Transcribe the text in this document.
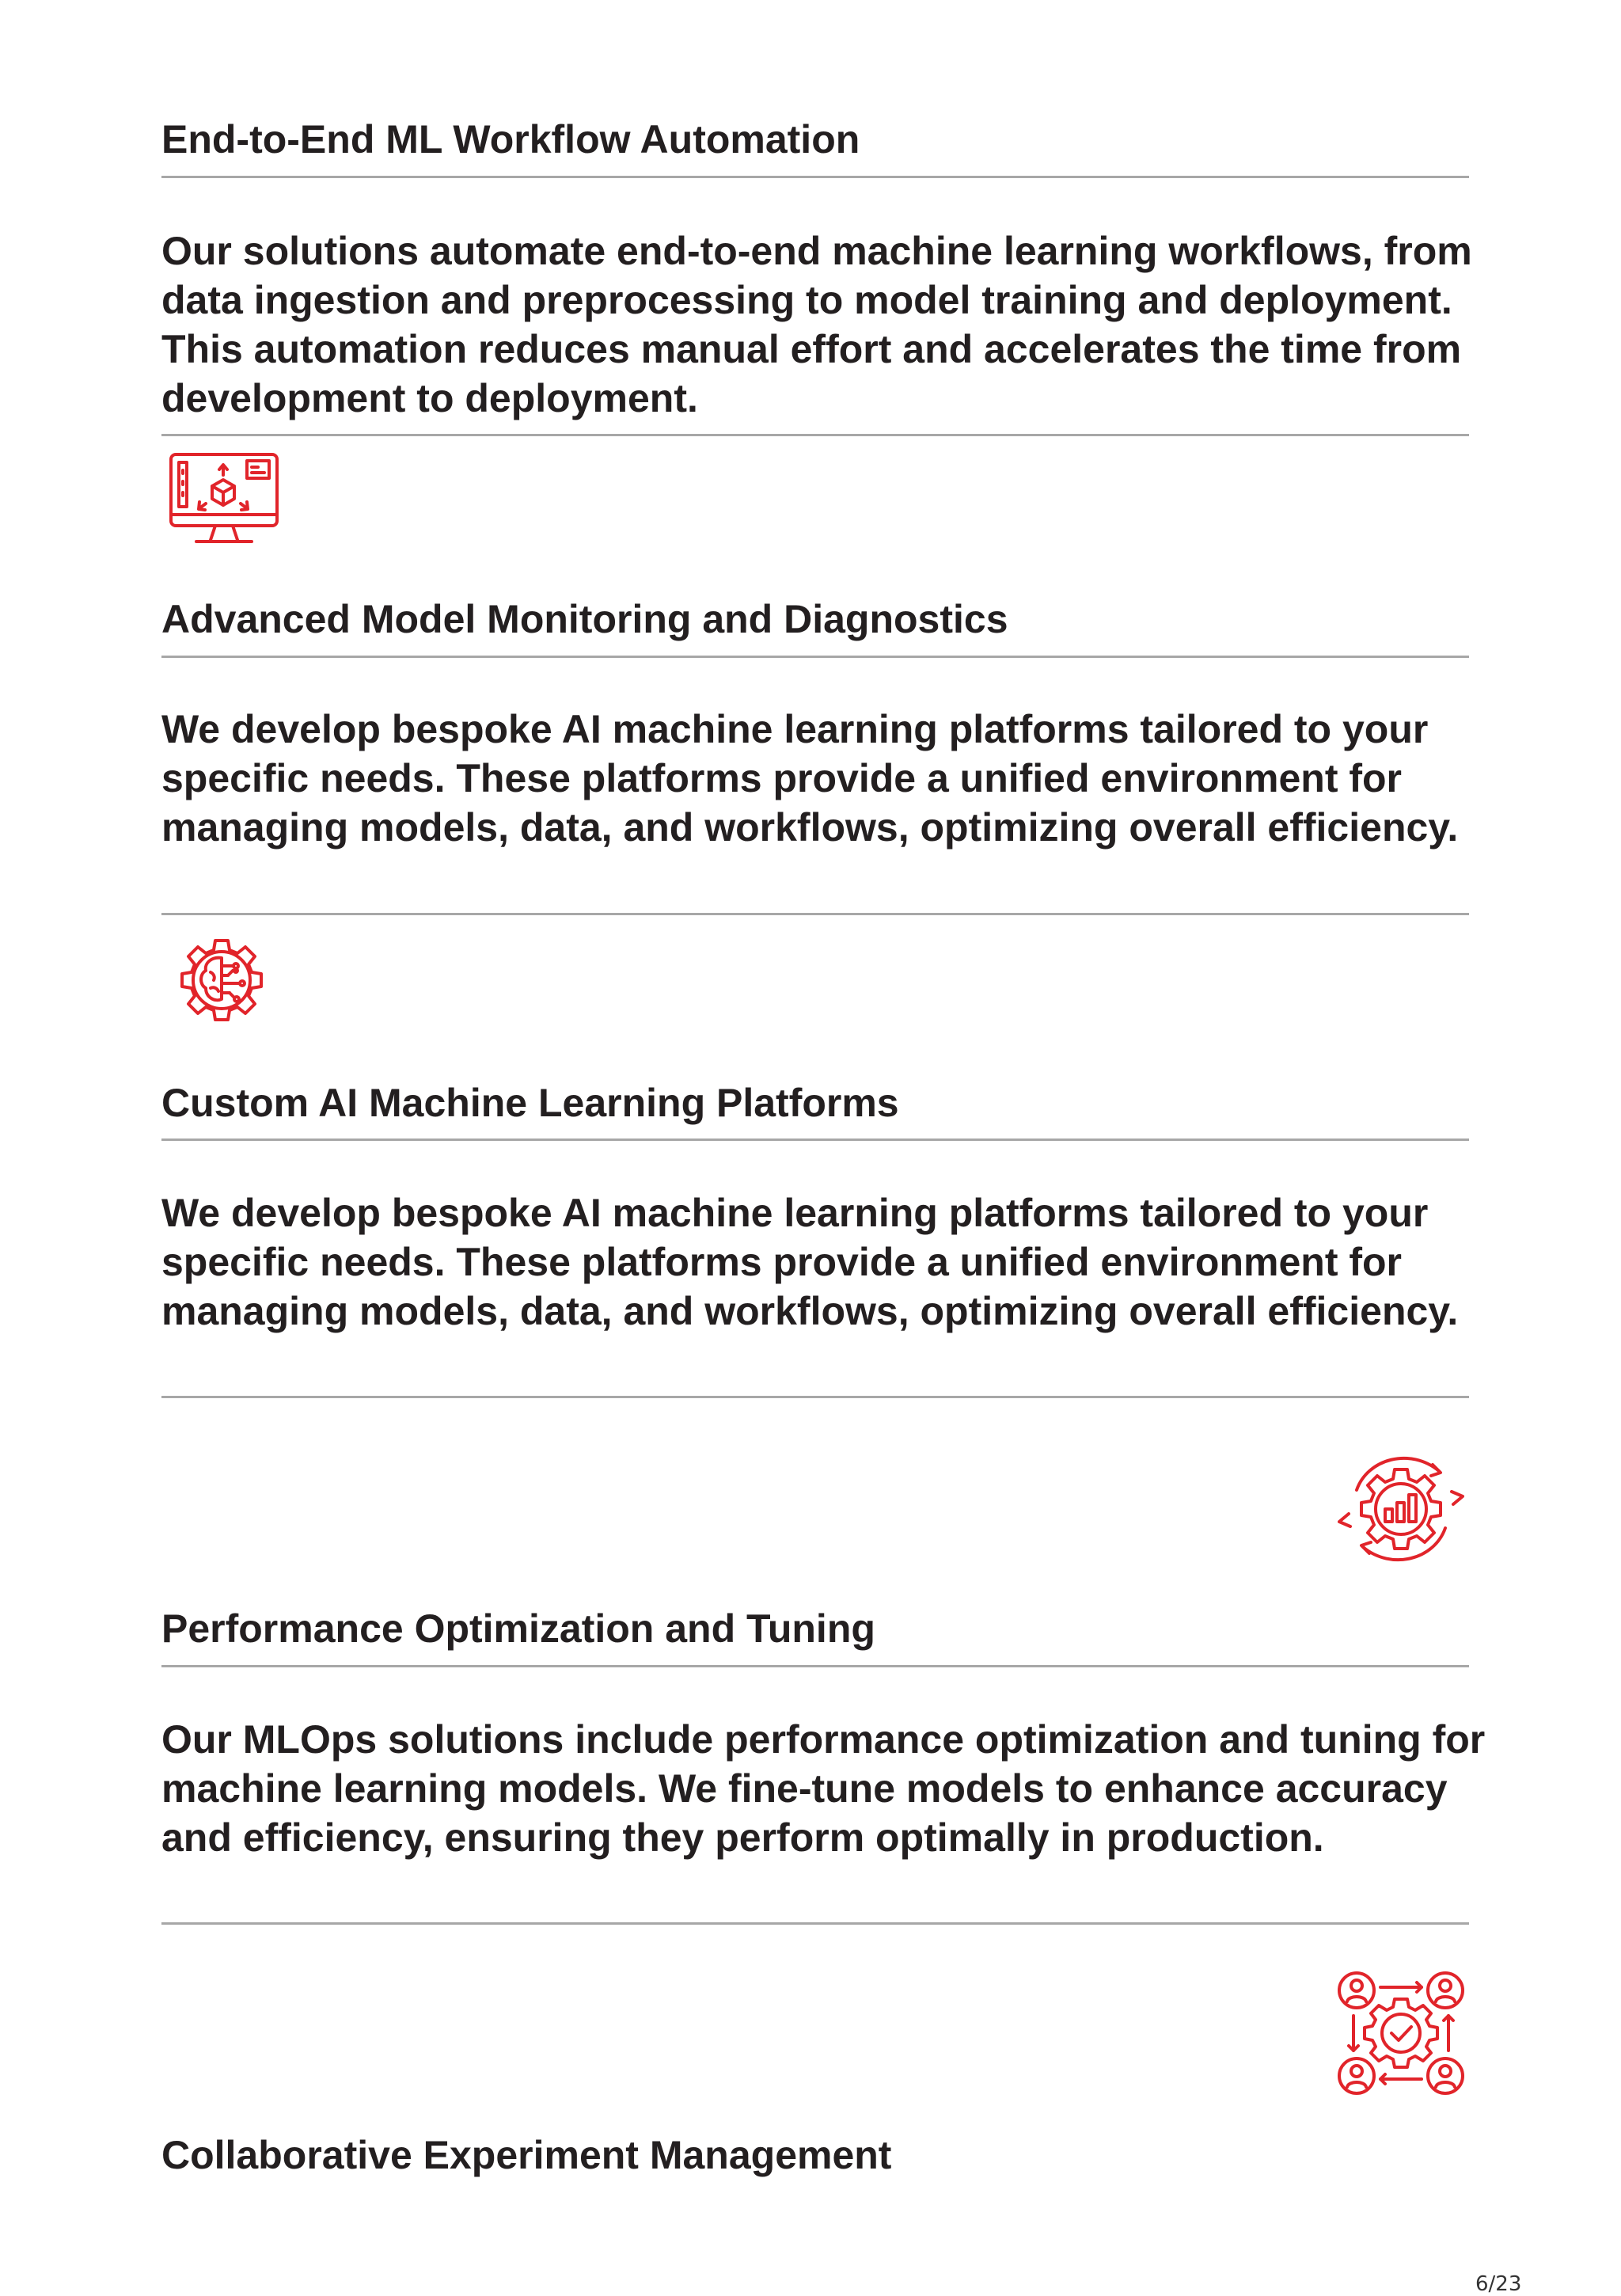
End-to-End ML Workflow Automation

Our solutions automate end-to-end machine learning workflows, from data ingestion and preprocessing to model training and deployment. This automation reduces manual effort and accelerates the time from development to deployment.

Advanced Model Monitoring and Diagnostics

We develop bespoke AI machine learning platforms tailored to your specific needs. These platforms provide a unified environment for managing models, data, and workflows, optimizing overall efficiency.

Custom AI Machine Learning Platforms

We develop bespoke AI machine learning platforms tailored to your specific needs. These platforms provide a unified environment for managing models, data, and workflows, optimizing overall efficiency.

Performance Optimization and Tuning

Our MLOps solutions include performance optimization and tuning for machine learning models. We fine-tune models to enhance accuracy and efficiency, ensuring they perform optimally in production.

Collaborative Experiment Management
6/23
